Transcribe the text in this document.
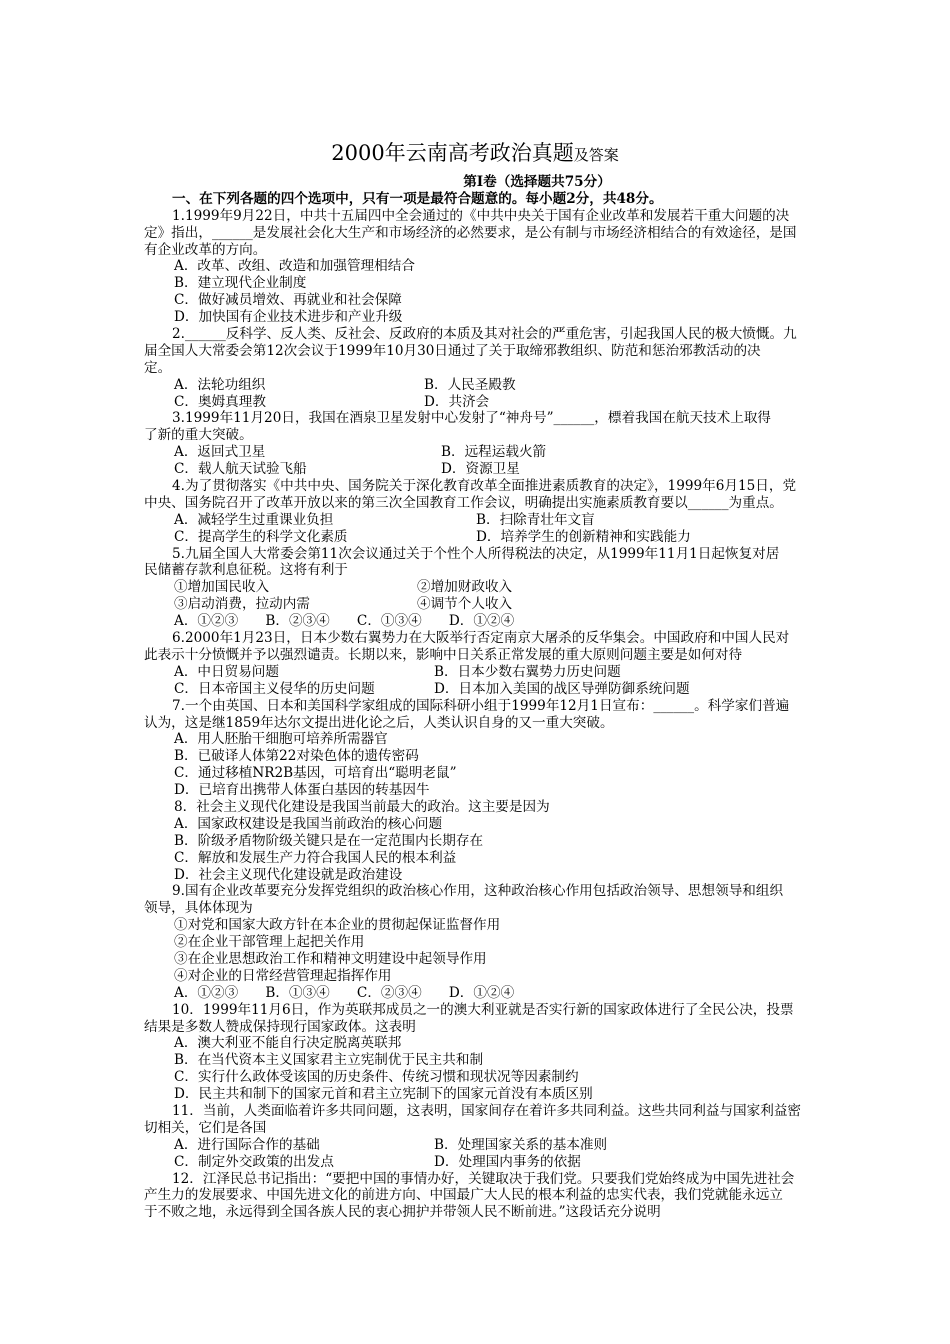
2000年云南高考政治真题及答案
第Ⅰ卷（选择题共75分）
一、在下列各题的四个选项中，只有一项是最符合题意的。每小题2分，共48分。
1.1999年9月22日，中共十五届四中全会通过的《中共中央关于国有企业改革和发展若干重大问题的决
定》指出，______是发展社会化大生产和市场经济的必然要求，是公有制与市场经济相结合的有效途径，是国
有企业改革的方向。
A．改革、改组、改造和加强管理相结合
B．建立现代企业制度
C．做好减员增效、再就业和社会保障
D．加快国有企业技术进步和产业升级
2.______反科学、反人类、反社会、反政府的本质及其对社会的严重危害，引起我国人民的极大愤慨。九
届全国人大常委会第12次会议于1999年10月30日通过了关于取缔邪教组织、防范和惩治邪教活动的决
定。
A．法轮功组织	B．人民圣殿教
C．奥姆真理教	D．共济会
3.1999年11月20日，我国在酒泉卫星发射中心发射了“神舟号”______，標着我国在航天技术上取得
了新的重大突破。
A．返回式卫星	B．远程运载火箭
C．载人航天试验飞船	D．资源卫星
4.为了贯彻落实《中共中央、国务院关于深化教育改革全面推进素质教育的决定》，1999年6月15日，党
中央、国务院召开了改革开放以来的第三次全国教育工作会议，明确提出实施素质教育要以______为重点。
A．减轻学生过重课业负担	B．扫除青壮年文盲
C．提高学生的科学文化素质	D．培养学生的创新精神和实践能力
5.九届全国人大常委会第11次会议通过关于个性个人所得税法的决定，从1999年11月1日起恢复对居
民储蓄存款利息征税。这将有利于
①增加国民收入	②增加财政收入
③启动消费，拉动内需	④调节个人收入
A．①②③　　B．②③④　　C．①③④　　D．①②④
6.2000年1月23日，日本少数右翼势力在大阪举行否定南京大屠杀的反华集会。中国政府和中国人民对
此表示十分愤慨并予以强烈谴责。长期以来，影响中日关系正常发展的重大原则问题主要是如何对待
A．中日贸易问题	B．日本少数右翼势力历史问题
C．日本帝国主义侵华的历史问题	D．日本加入美国的战区导弹防御系统问题
7.一个由英国、日本和美国科学家组成的国际科研小组于1999年12月1日宣布：______。科学家们普遍
认为，这是继1859年达尔文提出进化论之后，人类认识自身的又一重大突破。
A．用人胚胎干细胞可培养所需器官
B．已破译人体第22对染色体的遗传密码
C．通过移植NR2B基因，可培育出“聪明老鼠”
D．已培育出携带人体蛋白基因的转基因牛
8．社会主义现代化建设是我国当前最大的政治。这主要是因为
A．国家政权建设是我国当前政治的核心问题
B．阶级矛盾物阶级关键只是在一定范围内长期存在
C．解放和发展生产力符合我国人民的根本利益
D．社会主义现代化建设就是政治建设
9.国有企业改革要充分发挥党组织的政治核心作用，这种政治核心作用包括政治领导、思想领导和组织
领导，具体体现为
①对党和国家大政方针在本企业的贯彻起保证监督作用
②在企业干部管理上起把关作用
③在企业思想政治工作和精神文明建设中起领导作用
④对企业的日常经营管理起指挥作用
A．①②③　　B．①③④　　C．②③④　　D．①②④
10．1999年11月6日，作为英联邦成员之一的澳大利亚就是否实行新的国家政体进行了全民公决，投票
结果是多数人赞成保持现行国家政体。这表明
A．澳大利亚不能自行决定脱离英联邦
B．在当代资本主义国家君主立宪制优于民主共和制
C．实行什么政体受该国的历史条件、传统习惯和现状况等因素制约
D．民主共和制下的国家元首和君主立宪制下的国家元首没有本质区别
11．当前，人类面临着许多共同问题，这表明，国家间存在着许多共同利益。这些共同利益与国家利益密
切相关，它们是各国
A．进行国际合作的基础	B．处理国家关系的基本准则
C．制定外交政策的出发点	D．处理国内事务的依据
12．江泽民总书记指出：“要把中国的事情办好，关键取决于我们党。只要我们党始终成为中国先进社会
产生力的发展要求、中国先进文化的前进方向、中国最广大人民的根本利益的忠实代表，我们党就能永远立
于不败之地，永远得到全国各族人民的衷心拥护并带领人民不断前进。”这段话充分说明
